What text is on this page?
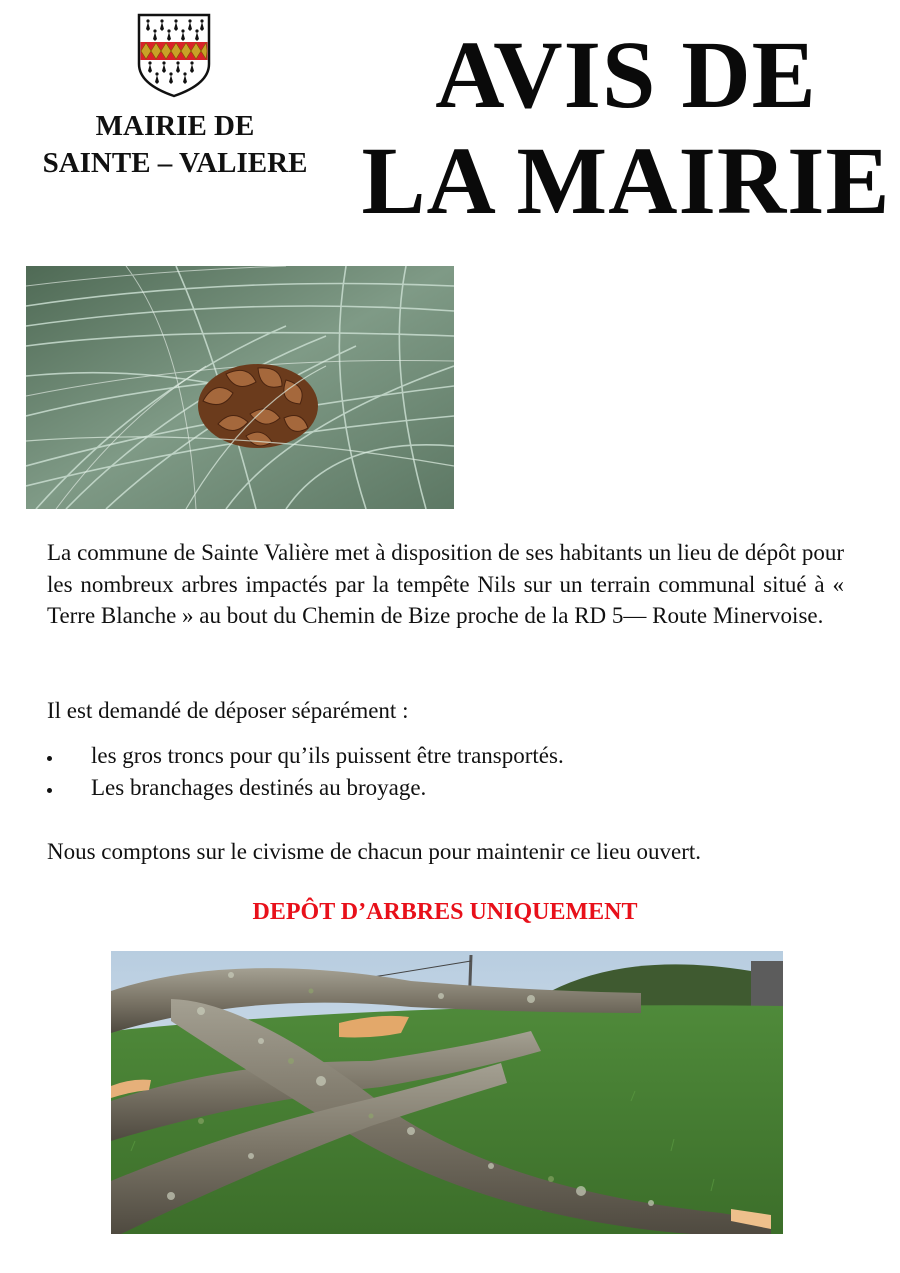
MAIRIE DE
SAINTE – VALIERE
AVIS DE
LA MAIRIE

La commune de Sainte Valière met à disposition de ses habitants un lieu de dépôt pour les nombreux arbres impactés par la tempête Nils sur un terrain communal situé à « Terre Blanche » au bout du Chemin de Bize proche de la RD 5— Route Minervoise.

Il est demandé de déposer séparément :

les gros troncs pour qu’ils puissent être transportés.
Les branchages destinés au broyage.

Nous comptons sur le civisme de chacun pour maintenir ce lieu ouvert.

DEPÔT D’ARBRES UNIQUEMENT
